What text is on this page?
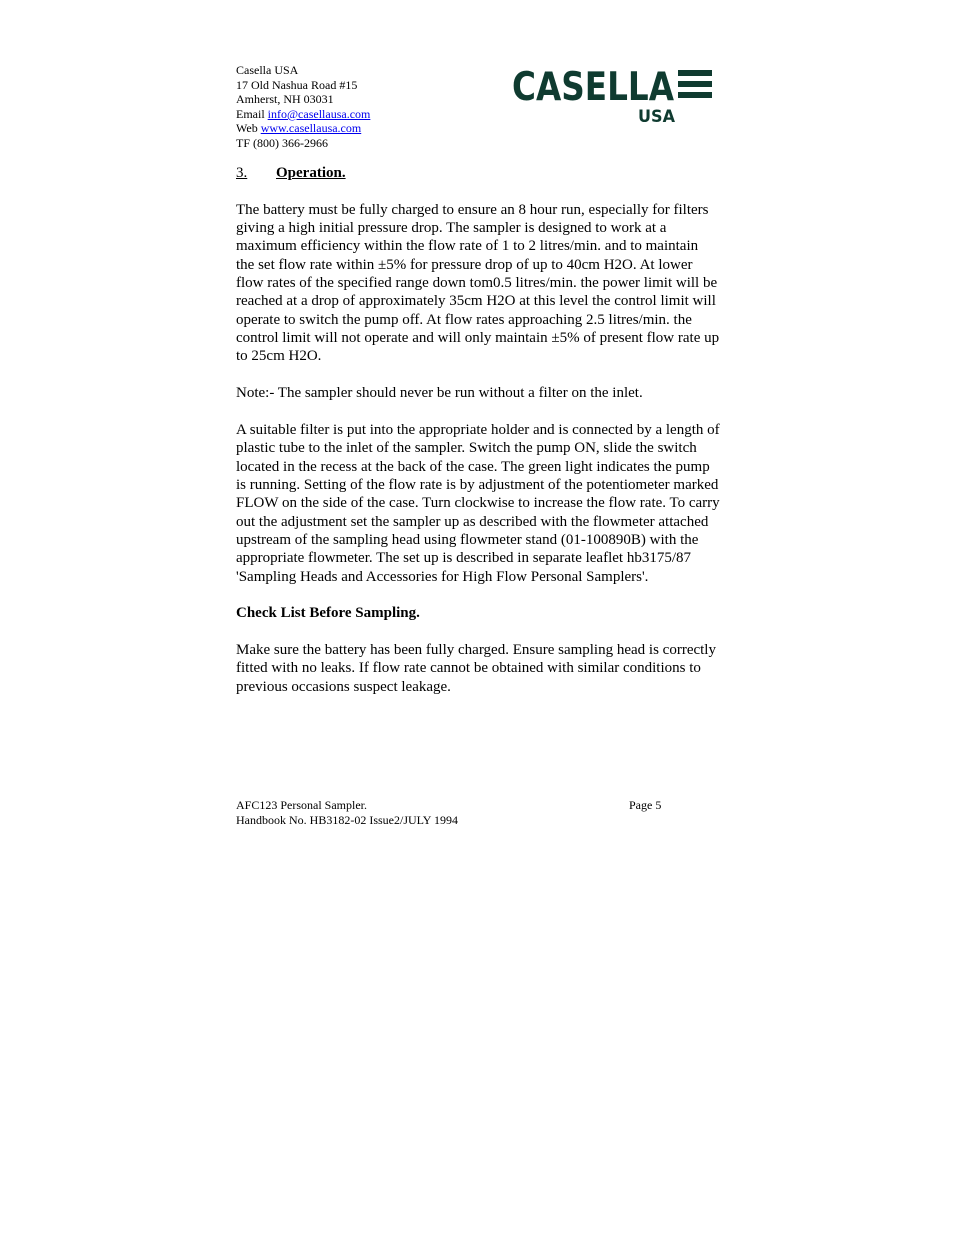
Casella USA
17 Old Nashua Road #15
Amherst, NH 03031
Email info@casellausa.com
Web www.casellausa.com
TF (800) 366-2966
CASELLA
USA
3. Operation.

The battery must be fully charged to ensure an 8 hour run, especially for filters giving a high initial pressure drop. The sampler is designed to work at a maximum efficiency within the flow rate of 1 to 2 litres/min. and to maintain the set flow rate within ±5% for pressure drop of up to 40cm H2O. At lower flow rates of the specified range down tom0.5 litres/min. the power limit will be reached at a drop of approximately 35cm H2O at this level the control limit will operate to switch the pump off. At flow rates approaching 2.5 litres/min. the control limit will not operate and will only maintain ±5% of present flow rate up to 25cm H2O.

Note:- The sampler should never be run without a filter on the inlet.

A suitable filter is put into the appropriate holder and is connected by a length of plastic tube to the inlet of the sampler. Switch the pump ON, slide the switch located in the recess at the back of the case. The green light indicates the pump is running. Setting of the flow rate is by adjustment of the potentiometer marked FLOW on the side of the case. Turn clockwise to increase the flow rate. To carry out the adjustment set the sampler up as described with the flowmeter attached upstream of the sampling head using flowmeter stand (01-100890B) with the appropriate flowmeter. The set up is described in separate leaflet hb3175/87 'Sampling Heads and Accessories for High Flow Personal Samplers'.

Check List Before Sampling.

Make sure the battery has been fully charged. Ensure sampling head is correctly fitted with no leaks. If flow rate cannot be obtained with similar conditions to previous occasions suspect leakage.

AFC123 Personal Sampler.	Page 5
Handbook No. HB3182-02 Issue2/JULY 1994
